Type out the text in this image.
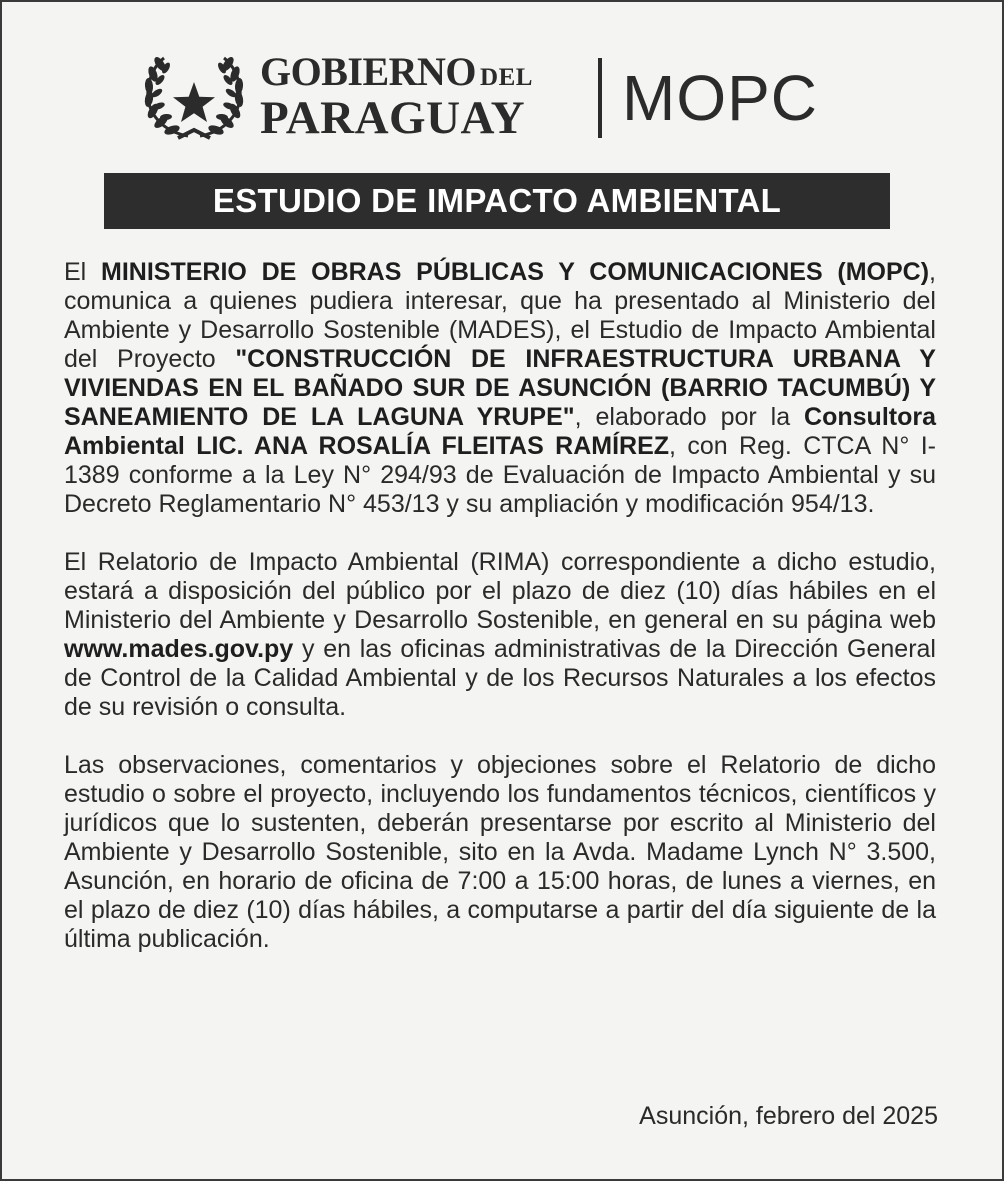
GOBIERNO DEL
PARAGUAY MOPC
ESTUDIO DE IMPACTO AMBIENTAL

El MINISTERIO DE OBRAS PÚBLICAS Y COMUNICACIONES (MOPC), comunica a quienes pudiera interesar, que ha presentado al Ministerio del Ambiente y Desarrollo Sostenible (MADES), el Estudio de Impacto Ambiental del Proyecto "CONSTRUCCIÓN DE INFRAESTRUCTURA URBANA Y VIVIENDAS EN EL BAÑADO SUR DE ASUNCIÓN (BARRIO TACUMBÚ) Y SANEAMIENTO DE LA LAGUNA YRUPE", elaborado por la Consultora Ambiental LIC. ANA ROSALÍA FLEITAS RAMÍREZ, con Reg. CTCA N° I-1389 conforme a la Ley N° 294/93 de Evaluación de Impacto Ambiental y su Decreto Reglamentario N° 453/13 y su ampliación y modificación 954/13.

El Relatorio de Impacto Ambiental (RIMA) correspondiente a dicho estudio, estará a disposición del público por el plazo de diez (10) días hábiles en el Ministerio del Ambiente y Desarrollo Sostenible, en general en su página web www.mades.gov.py y en las oficinas administrativas de la Dirección General de Control de la Calidad Ambiental y de los Recursos Naturales a los efectos de su revisión o consulta.

Las observaciones, comentarios y objeciones sobre el Relatorio de dicho estudio o sobre el proyecto, incluyendo los fundamentos técnicos, científicos y jurídicos que lo sustenten, deberán presentarse por escrito al Ministerio del Ambiente y Desarrollo Sostenible, sito en la Avda. Madame Lynch N° 3.500, Asunción, en horario de oficina de 7:00 a 15:00 horas, de lunes a viernes, en el plazo de diez (10) días hábiles, a computarse a partir del día siguiente de la última publicación.

Asunción, febrero del 2025
